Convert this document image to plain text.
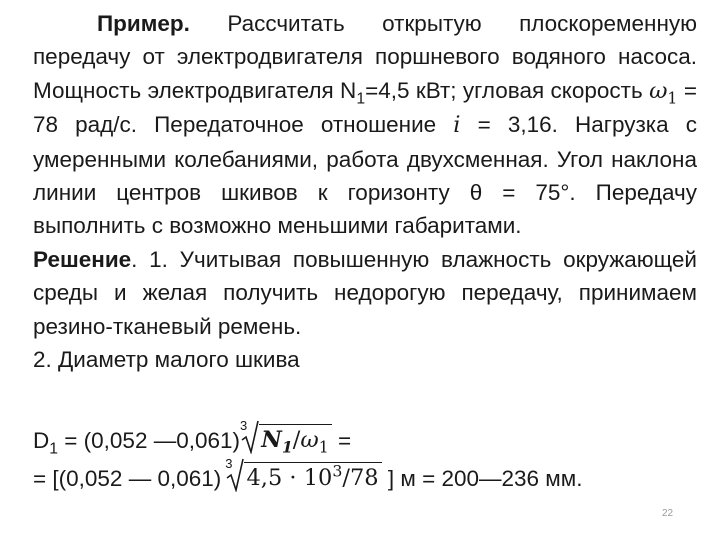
Пример. Рассчитать открытую плоскоременную передачу от электродвигателя поршневого водяного насоса. Мощность электродвигателя $N_1=4,5$ кВт; угловая скорость $\omega_1 = 78$ рад/с. Передаточное отношение i = 3,16. Нагрузка с умеренными колебаниями, работа двухсменная. Угол наклона линии центров шкивов к горизонту θ = 75°. Передачу выполнить с возможно меньшими габаритами.

Решение. 1. Учитывая повышенную влажность окружающей среды и желая получить недорогую передачу, принимаем резино-тканевый ремень.

2. Диаметр малого шкива

$D_1 = (0,052$ —0,061)$^3$
$N_1/\omega_1$ =
= [(0,052 — 0,061)$^3$
$4,5 \cdot 10^3/78$ ] м = 200—236 мм.
22
